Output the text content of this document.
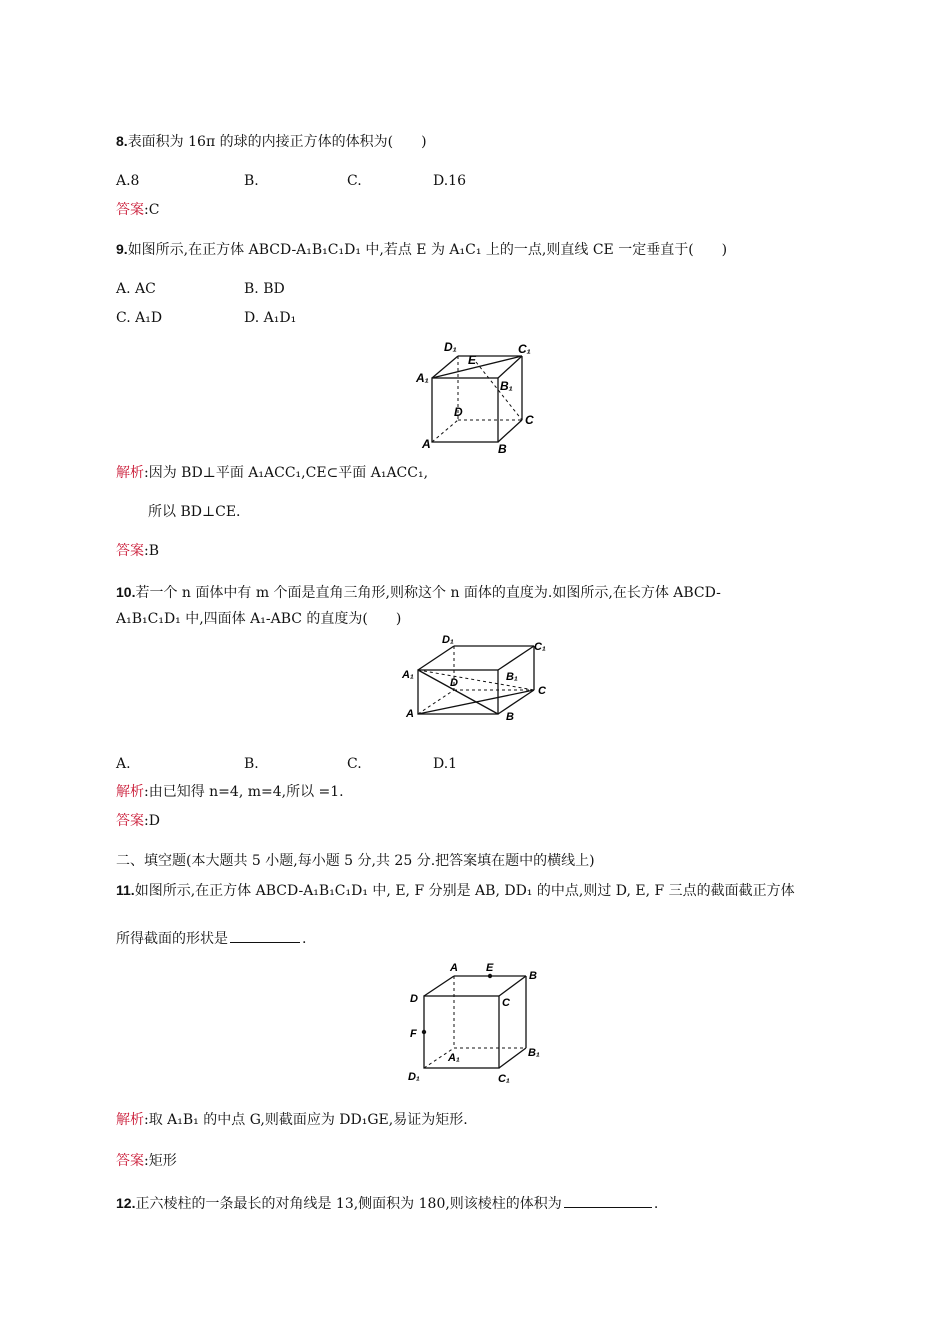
8.表面积为 16π 的球的内接正方体的体积为(　　)
A.8	B.	C.	D.16
答案:C
9.如图所示,在正方体 ABCD-A₁B₁C₁D₁ 中,若点 E 为 A₁C₁ 上的一点,则直线 CE 一定垂直于(　　)
A. AC	B. BD
C. A₁D	D. A₁D₁
D₁
E
C₁
A₁
B₁
D
C
A	B
解析:因为 BD⊥平面 A₁ACC₁,CE⊂平面 A₁ACC₁,
所以 BD⊥CE.
答案:B
10.若一个 n 面体中有 m 个面是直角三角形,则称这个 n 面体的直度为.如图所示,在长方体 ABCD-
A₁B₁C₁D₁ 中,四面体 A₁-ABC 的直度为(　　)
D₁
C₁
A₁
D	B₁
C
A	B
A.	B.	C.	D.1
解析:由已知得 n=4, m=4,所以 =1.
答案:D
二、填空题(本大题共 5 小题,每小题 5 分,共 25 分.把答案填在题中的横线上)
11.如图所示,在正方体 ABCD-A₁B₁C₁D₁ 中, E, F 分别是 AB, DD₁ 的中点,则过 D, E, F 三点的截面截正方体
所得截面的形状是	.
A	E
B
D	C
F
A₁	B₁
D₁	C₁
解析:取 A₁B₁ 的中点 G,则截面应为 DD₁GE,易证为矩形.
答案:矩形
12.正六棱柱的一条最长的对角线是 13,侧面积为 180,则该棱柱的体积为	.
